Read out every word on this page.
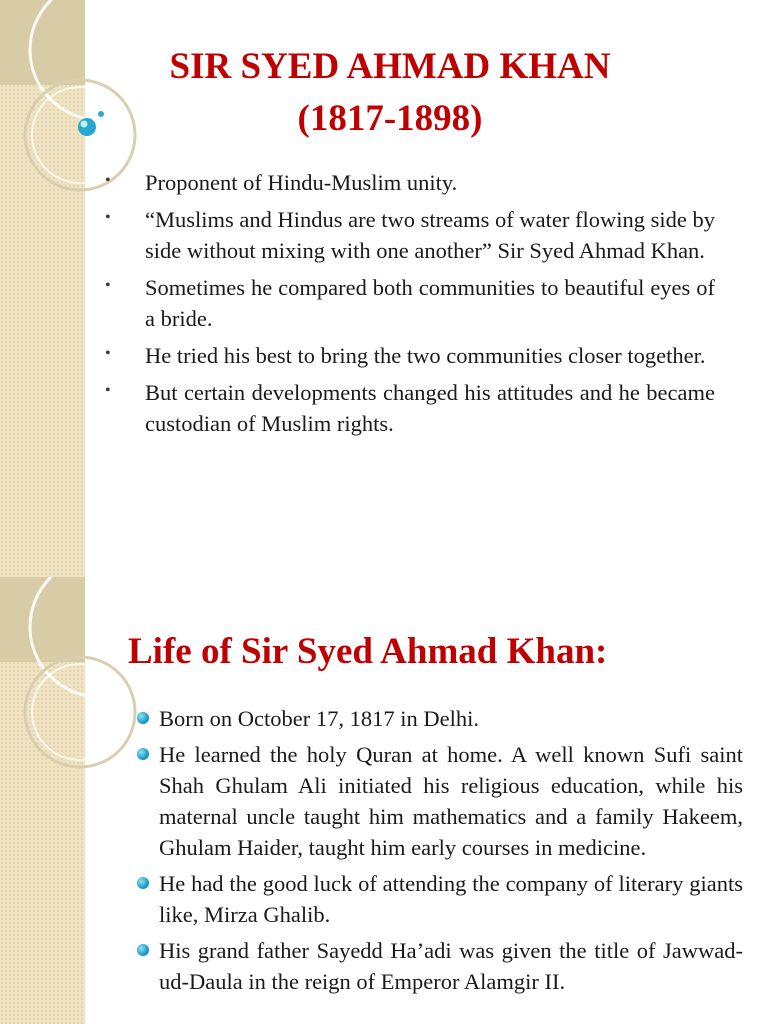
SIR SYED AHMAD KHAN
(1817-1898)
• Proponent of Hindu-Muslim unity.
• “Muslims and Hindus are two streams of water flowing side by side without mixing with one another” Sir Syed Ahmad Khan.
• Sometimes he compared both communities to beautiful eyes of a bride.
• He tried his best to bring the two communities closer together.
• But certain developments changed his attitudes and he became custodian of Muslim rights.
Life of Sir Syed Ahmad Khan:
Born on October 17, 1817 in Delhi.
He learned the holy Quran at home. A well known Sufi saint Shah Ghulam Ali initiated his religious education, while his maternal uncle taught him mathematics and a family Hakeem, Ghulam Haider, taught him early courses in medicine.
He had the good luck of attending the company of literary giants like, Mirza Ghalib.
His grand father Sayedd Ha’adi was given the title of Jawwad-ud-Daula in the reign of Emperor Alamgir II.
